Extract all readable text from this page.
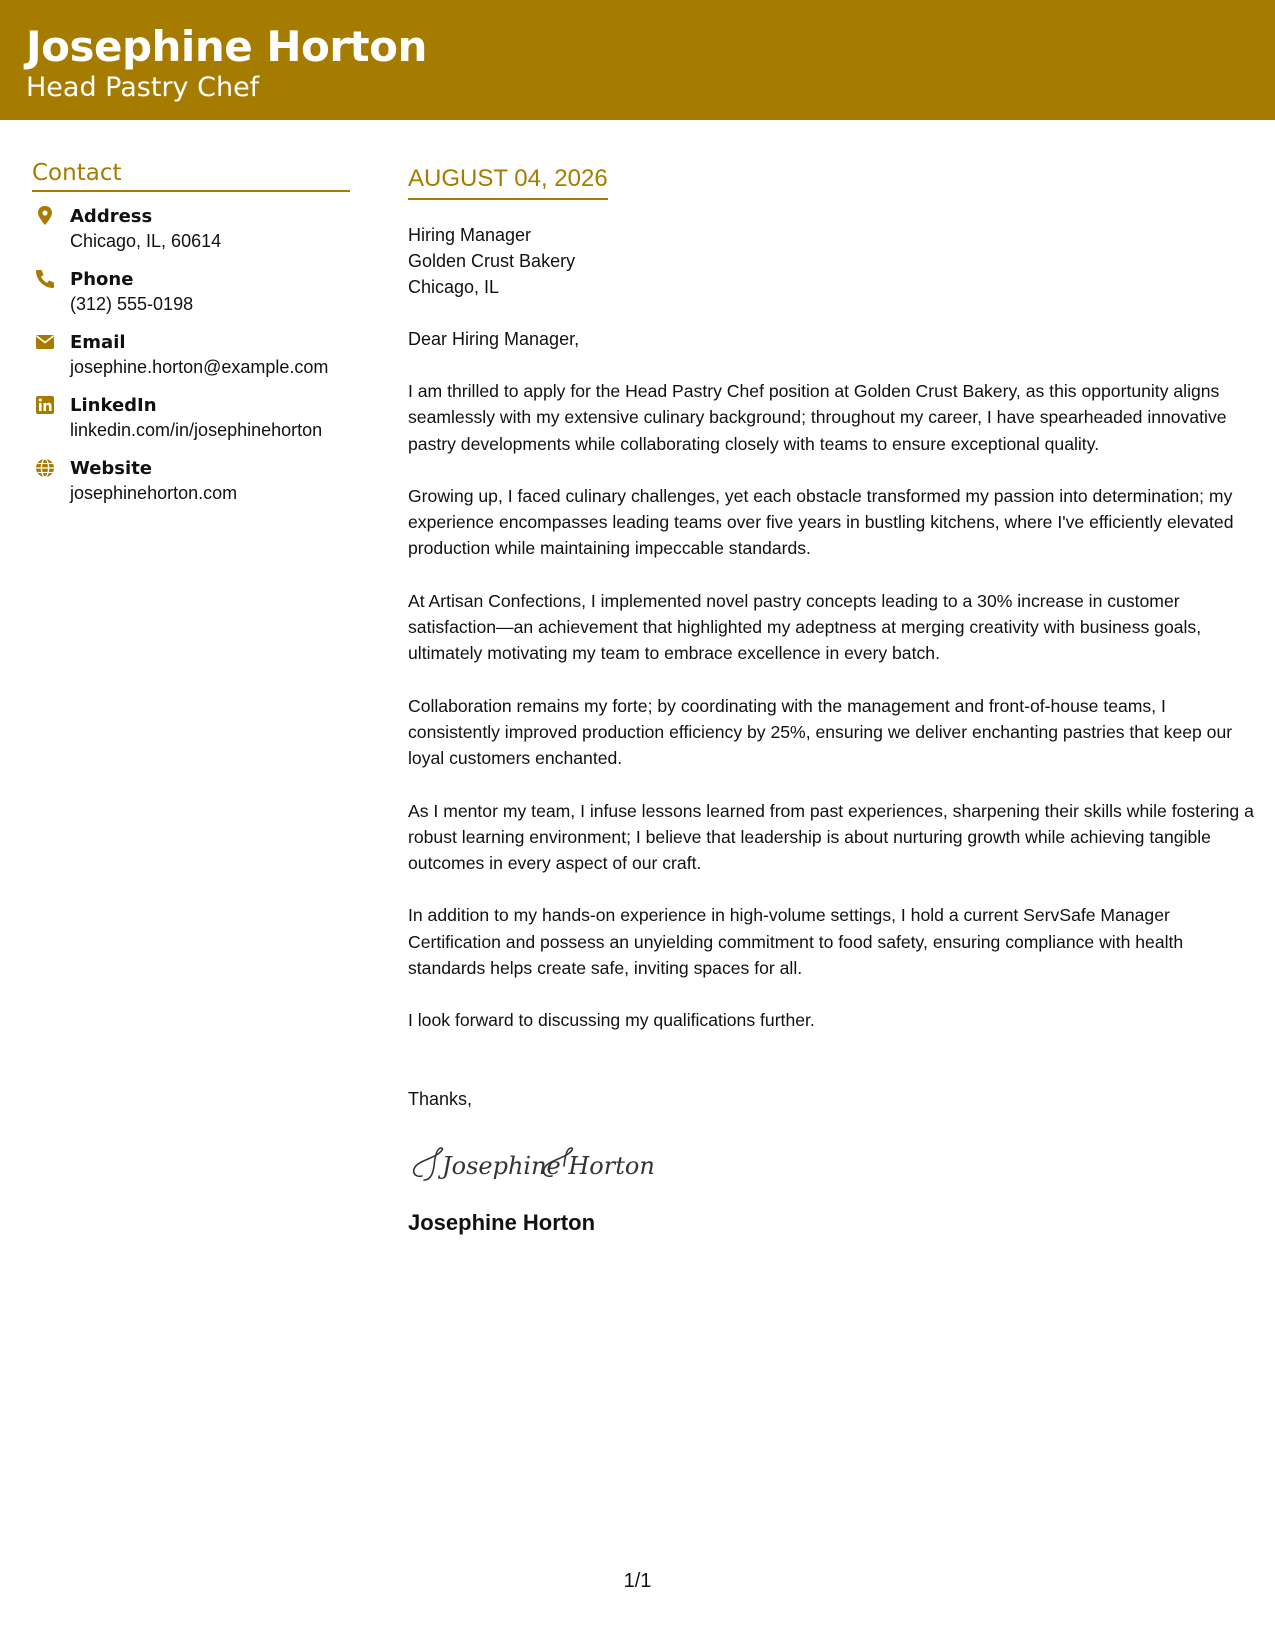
Josephine Horton
Head Pastry Chef
Contact
Address
Chicago, IL, 60614
Phone
(312) 555-0198
Email
josephine.horton@example.com
LinkedIn
linkedin.com/in/josephinehorton
Website
josephinehorton.com
AUGUST 04, 2026
Hiring Manager
Golden Crust Bakery
Chicago, IL
Dear Hiring Manager,
I am thrilled to apply for the Head Pastry Chef position at Golden Crust Bakery, as this opportunity aligns seamlessly with my extensive culinary background; throughout my career, I have spearheaded innovative pastry developments while collaborating closely with teams to ensure exceptional quality.
Growing up, I faced culinary challenges, yet each obstacle transformed my passion into determination; my experience encompasses leading teams over five years in bustling kitchens, where I've efficiently elevated production while maintaining impeccable standards.
At Artisan Confections, I implemented novel pastry concepts leading to a 30% increase in customer satisfaction—an achievement that highlighted my adeptness at merging creativity with business goals, ultimately motivating my team to embrace excellence in every batch.
Collaboration remains my forte; by coordinating with the management and front-of-house teams, I consistently improved production efficiency by 25%, ensuring we deliver enchanting pastries that keep our loyal customers enchanted.
As I mentor my team, I infuse lessons learned from past experiences, sharpening their skills while fostering a robust learning environment; I believe that leadership is about nurturing growth while achieving tangible outcomes in every aspect of our craft.
In addition to my hands-on experience in high-volume settings, I hold a current ServSafe Manager Certification and possess an unyielding commitment to food safety, ensuring compliance with health standards helps create safe, inviting spaces for all.
I look forward to discussing my qualifications further.
Thanks,
Josephine Horton
Josephine Horton
1/1
